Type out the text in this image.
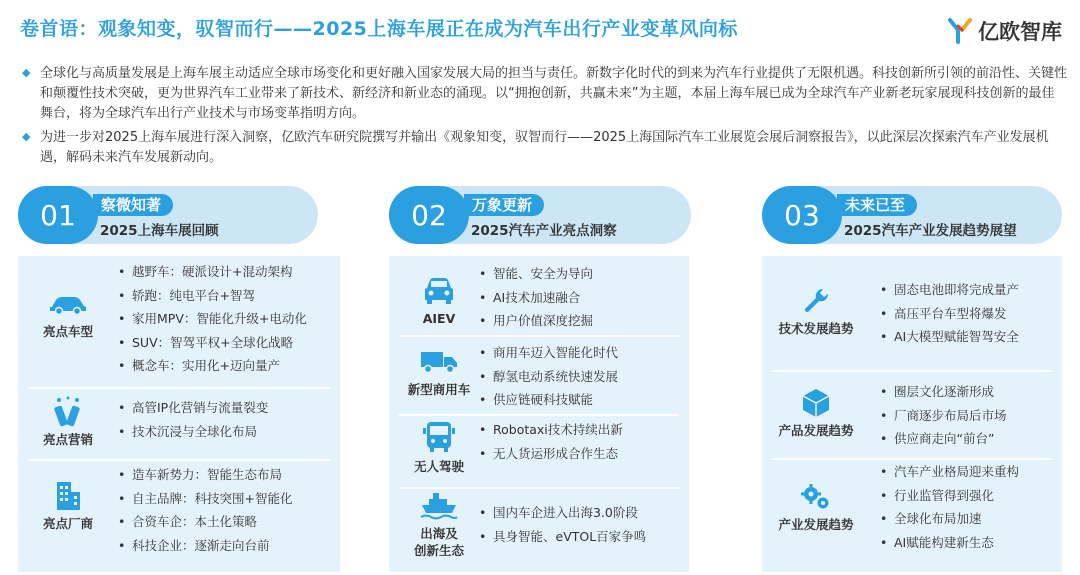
卷首语：观象知变，驭智而行——2025上海车展正在成为汽车出行产业变革风向标	亿欧智库

◆ 全球化与高质量发展是上海车展主动适应全球市场变化和更好融入国家发展大局的担当与责任。新数字化时代的到来为汽车行业提供了无限机遇。科技创新所引领的前沿性、关键性和颠覆性技术突破，更为世界汽车工业带来了新技术、新经济和新业态的涌现。以“拥抱创新，共赢未来”为主题，本届上海车展已成为全球汽车产业新老玩家展现科技创新的最佳舞台，将为全球汽车出行产业技术与市场变革指明方向。

◆ 为进一步对2025上海车展进行深入洞察，亿欧汽车研究院撰写并输出《观象知变，驭智而行——2025上海国际汽车工业展览会展后洞察报告》，以此深层次探索汽车产业发展机遇，解码未来汽车发展新动向。

01	察微知著
2025上海车展回顾	02	万象更新
2025汽车产业亮点洞察	03	未来已至
2025汽车产业发展趋势展望
亮点车型
• 越野车：硬派设计+混动架构
• 轿跑：纯电平台+智驾
• 家用MPV：智能化升级+电动化
• SUV：智驾平权+全球化战略
• 概念车：实用化+迈向量产
亮点营销
• 高管IP化营销与流量裂变
• 技术沉浸与全球化布局
亮点厂商
• 造车新势力：智能生态布局
• 自主品牌：科技突围+智能化
• 合资车企：本土化策略
• 科技企业：逐渐走向台前
AIEV
• 智能、安全为导向
• AI技术加速融合
• 用户价值深度挖掘
新型商用车
• 商用车迈入智能化时代
• 醇氢电动系统快速发展
• 供应链硬科技赋能
无人驾驶
• Robotaxi技术持续出新
• 无人货运形成合作生态
出海及
创新生态
• 国内车企进入出海3.0阶段
• 具身智能、eVTOL百家争鸣
技术发展趋势
• 固态电池即将完成量产
• 高压平台车型将爆发
• AI大模型赋能智驾安全
产品发展趋势
• 圈层文化逐渐形成
• 厂商逐步布局后市场
• 供应商走向“前台”
产业发展趋势
• 汽车产业格局迎来重构
• 行业监管得到强化
• 全球化布局加速
• AI赋能构建新生态
